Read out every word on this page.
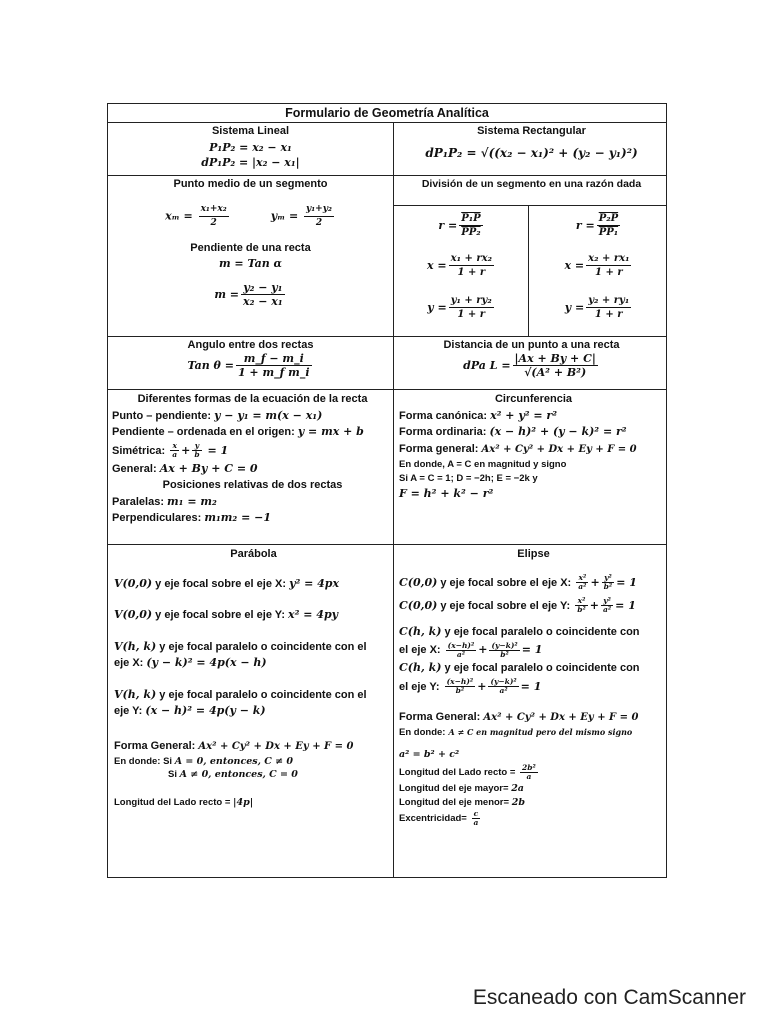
Formulario de Geometría Analítica
Sistema Lineal
P₁P₂ = x₂ − x₁
dP₁P₂ = |x₂ − x₁|
Sistema Rectangular
dP₁P₂ = √((x₂ − x₁)² + (y₂ − y₁)²)
Punto medio de un segmento
$x_m = \frac{\text{x₁+x₂}}{2}$	$y_m = \frac{\text{y₁+y₂}}{2}$
Pendiente de una recta
m = Tan α
$m = \frac{\text{y₂ − y₁}}{\text{x₂ − x₁}}$
División de un segmento en una razón dada
$r = \frac{\text{P₁P}}{\text{PP₂}}$
$x = \frac{\text{x₁ + rx₂}}{1 + r}$
$y = \frac{\text{y₁ + ry₂}}{1 + r}$
$r = \frac{\text{P₂P}}{\text{PP₁}}$
$x = \frac{\text{x₂ + rx₁}}{1 + r}$
$y = \frac{\text{y₂ + ry₁}}{1 + r}$
Angulo entre dos rectas
Tan $\theta = \frac{m\_f - m\_i}{\text{1 + m\_f m\_i}}$
Distancia de un punto a una recta
dPa $L = \frac{|Ax + By + C|}{\text{√(A² + B²)}}$
Diferentes formas de la ecuación de la recta
Punto – pendiente: y − y₁ = m(x − x₁)
Pendiente – ordenada en el origen: y = mx + b
Simétrica: $\frac{x}{a} + \frac{y}{b} = 1$
General: Ax + By + C = 0
Posiciones relativas de dos rectas
Paralelas: m₁ = m₂
Perpendiculares: m₁m₂ = −1
Circunferencia
Forma canónica: x² + y² = r²
Forma ordinaria: (x − h)² + (y − k)² = r²
Forma general: Ax² + Cy² + Dx + Ey + F = 0
En donde, A = C en magnitud y signo
Si A = C = 1; D = −2h; E = −2k y
F = h² + k² − r²
Parábola
V(0,0) y eje focal sobre el eje X: y² = 4px
V(0,0) y eje focal sobre el eje Y: x² = 4py
V(h, k) y eje focal paralelo o coincidente con el
eje X: (y − k)² = 4p(x − h)
V(h, k) y eje focal paralelo o coincidente con el
eje Y: (x − h)² = 4p(y − k)
Forma General: Ax² + Cy² + Dx + Ey + F = 0
En donde: Si A = 0, entonces, C ≠ 0
Si A ≠ 0, entonces, C = 0
Longitud del Lado recto = |4p|
Elipse
C(0,0) y eje focal sobre el eje X: $\frac{\text{x²}}{\text{a²}} + \frac{\text{y²}}{\text{b²}} = 1$
C(0,0) y eje focal sobre el eje Y: $\frac{\text{x²}}{\text{b²}} + \frac{\text{y²}}{\text{a²}} = 1$
C(h, k) y eje focal paralelo o coincidente con
el eje X: $\frac{\text{(x−h)²}}{\text{a²}} + \frac{\text{(y−k)²}}{\text{b²}} = 1$
C(h, k) y eje focal paralelo o coincidente con
el eje Y: $\frac{\text{(x−h)²}}{\text{b²}} + \frac{\text{(y−k)²}}{\text{a²}} = 1$
Forma General: Ax² + Cy² + Dx + Ey + F = 0
En donde: A ≠ C en magnitud pero del mismo signo
a² = b² + c²
Longitud del Lado recto = $\frac{\text{2b²}}{a}$
Longitud del eje mayor= 2a
Longitud del eje menor= 2b
Excentricidad= $\frac{c}{a}$
Escaneado con CamScanner
